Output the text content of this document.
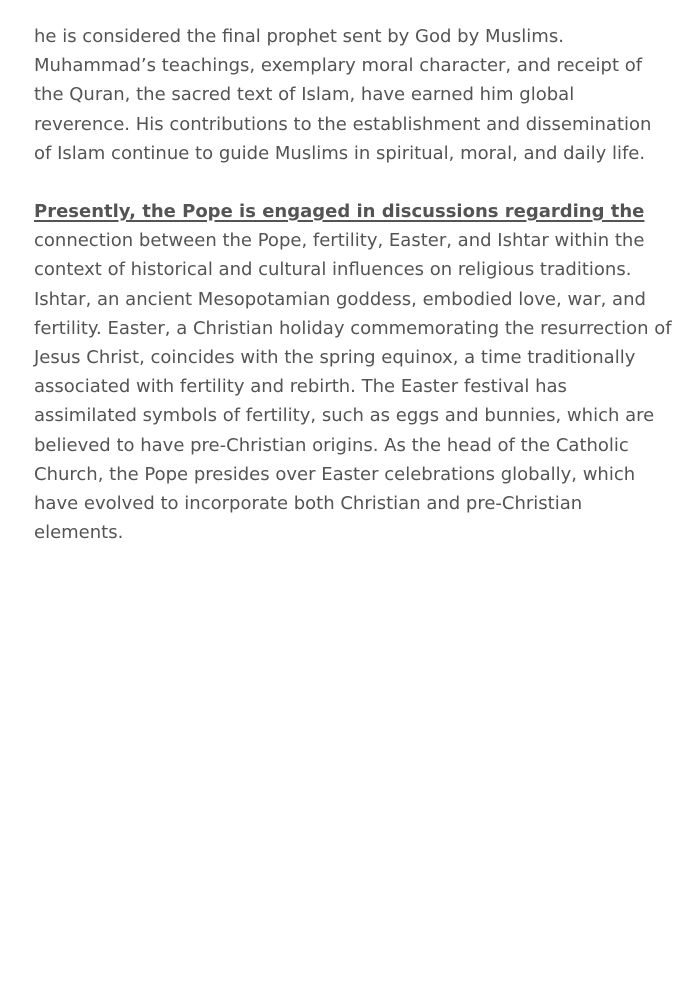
he is considered the final prophet sent by God by Muslims. Muhammad’s teachings, exemplary moral character, and receipt of the Quran, the sacred text of Islam, have earned him global reverence. His contributions to the establishment and dissemination of Islam continue to guide Muslims in spiritual, moral, and daily life.

Presently, the Pope is engaged in discussions regarding the connection between the Pope, fertility, Easter, and Ishtar within the context of historical and cultural influences on religious traditions. Ishtar, an ancient Mesopotamian goddess, embodied love, war, and fertility. Easter, a Christian holiday commemorating the resurrection of Jesus Christ, coincides with the spring equinox, a time traditionally associated with fertility and rebirth. The Easter festival has assimilated symbols of fertility, such as eggs and bunnies, which are believed to have pre-Christian origins. As the head of the Catholic Church, the Pope presides over Easter celebrations globally, which have evolved to incorporate both Christian and pre-Christian elements.
